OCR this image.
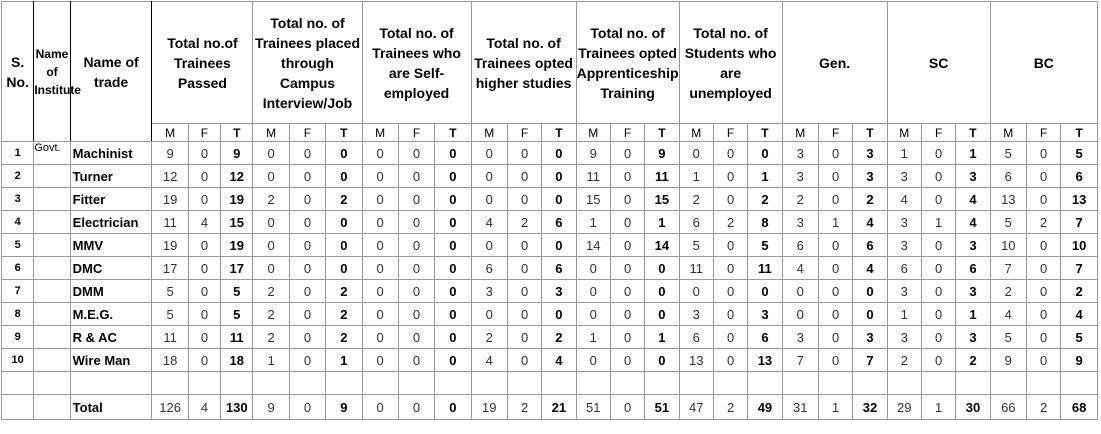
S. No.	Name of Institute	Name of trade	Total no.of Trainees Passed			Total no. of Trainees placed through Campus Interview/Job			Total no. of Trainees who are Self-employed			Total no. of Trainees opted higher studies			Total no. of Trainees opted Apprenticeship Training			Total no. of Students who are unemployed			Gen.			SC			BC		
			M	F	T	M	F	T	M	F	T	M	F	T	M	F	T	M	F	T	M	F	T	M	F	T	M	F	T
1	Govt.	Machinist	9	0	9	0	0	0	0	0	0	0	0	0	9	0	9	0	0	0	3	0	3	1	0	1	5	0	5
2		Turner	12	0	12	0	0	0	0	0	0	0	0	0	11	0	11	1	0	1	3	0	3	3	0	3	6	0	6
3		Fitter	19	0	19	2	0	2	0	0	0	0	0	0	15	0	15	2	0	2	2	0	2	4	0	4	13	0	13
4		Electrician	11	4	15	0	0	0	0	0	0	4	2	6	1	0	1	6	2	8	3	1	4	3	1	4	5	2	7
5		MMV	19	0	19	0	0	0	0	0	0	0	0	0	14	0	14	5	0	5	6	0	6	3	0	3	10	0	10
6		DMC	17	0	17	0	0	0	0	0	0	6	0	6	0	0	0	11	0	11	4	0	4	6	0	6	7	0	7
7		DMM	5	0	5	2	0	2	0	0	0	3	0	3	0	0	0	0	0	0	0	0	0	3	0	3	2	0	2
8		M.E.G.	5	0	5	2	0	2	0	0	0	0	0	0	0	0	0	3	0	3	0	0	0	1	0	1	4	0	4
9		R & AC	11	0	11	2	0	2	0	0	0	2	0	2	1	0	1	6	0	6	3	0	3	3	0	3	5	0	5
10		Wire Man	18	0	18	1	0	1	0	0	0	4	0	4	0	0	0	13	0	13	7	0	7	2	0	2	9	0	9

		Total	126	4	130	9	0	9	0	0	0	19	2	21	51	0	51	47	2	49	31	1	32	29	1	30	66	2	68
